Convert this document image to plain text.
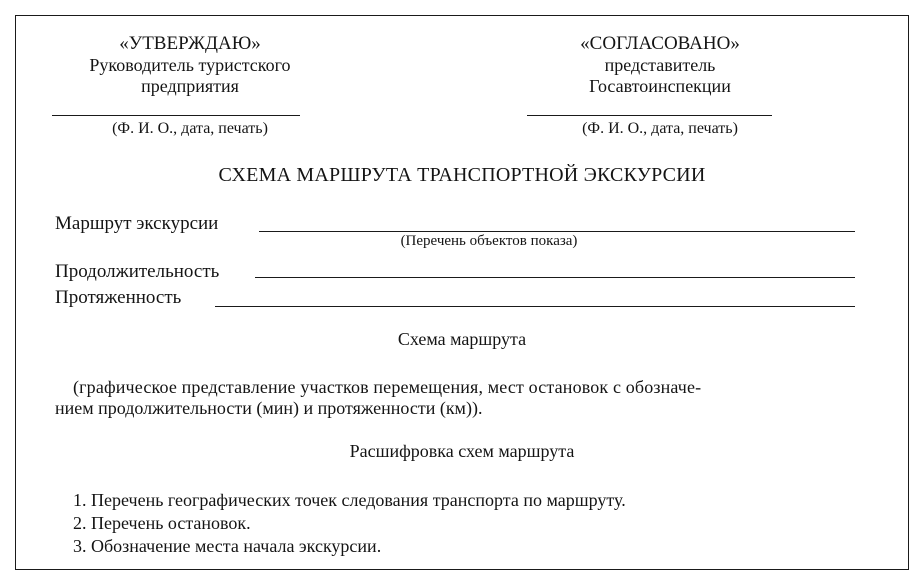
«УТВЕРЖДАЮ»
Руководитель туристского
предприятия
(Ф. И. О., дата, печать)
«СОГЛАСОВАНО»
представитель
Госавтоинспекции
(Ф. И. О., дата, печать)
СХЕМА МАРШРУТА ТРАНСПОРТНОЙ ЭКСКУРСИИ
Маршрут экскурсии
(Перечень объектов показа)
Продолжительность
Протяженность
Схема маршрута
(графическое представление участков перемещения, мест остановок с обозначе-
нием продолжительности (мин) и протяженности (км)).
Расшифровка схем маршрута
1. Перечень географических точек следования транспорта по маршруту.
2. Перечень остановок.
3. Обозначение места начала экскурсии.
